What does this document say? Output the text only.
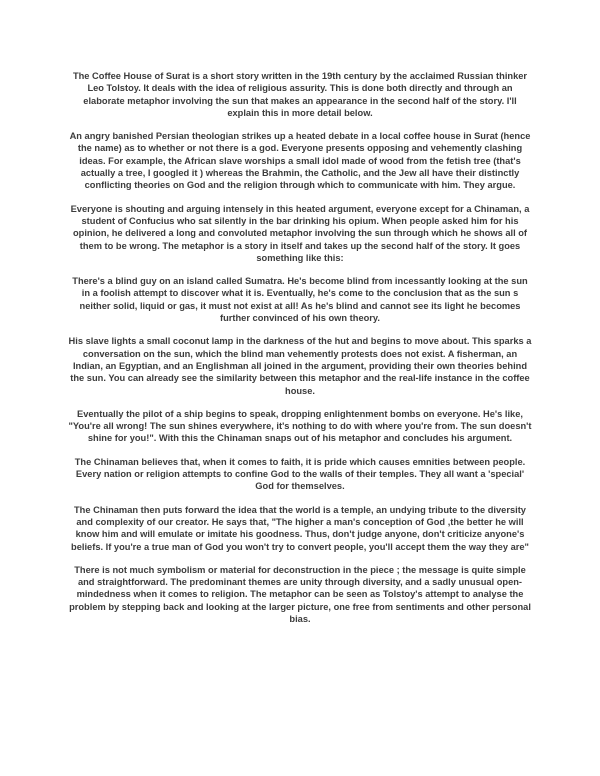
The Coffee House of Surat is a short story written in the 19th century by the acclaimed Russian thinker Leo Tolstoy. It deals with the idea of religious assurity. This is done both directly and through an elaborate metaphor involving the sun that makes an appearance in the second half of the story. I'll explain this in more detail below.

An angry banished Persian theologian strikes up a heated debate in a local coffee house in Surat (hence the name) as to whether or not there is a god. Everyone presents opposing and vehemently clashing ideas. For example, the African slave worships a small idol made of wood from the fetish tree (that's actually a tree, I googled it ) whereas the Brahmin, the Catholic, and the Jew all have their distinctly conflicting theories on God and the religion through which to communicate with him. They argue.

Everyone is shouting and arguing intensely in this heated argument, everyone except for a Chinaman, a student of Confucius who sat silently in the bar drinking his opium. When people asked him for his opinion, he delivered a long and convoluted metaphor involving the sun through which he shows all of them to be wrong. The metaphor is a story in itself and takes up the second half of the story. It goes something like this:

There's a blind guy on an island called Sumatra. He's become blind from incessantly looking at the sun in a foolish attempt to discover what it is. Eventually, he's come to the conclusion that as the sun s neither solid, liquid or gas, it must not exist at all! As he's blind and cannot see its light he becomes further convinced of his own theory.

His slave lights a small coconut lamp in the darkness of the hut and begins to move about. This sparks a conversation on the sun, which the blind man vehemently protests does not exist. A fisherman, an Indian, an Egyptian, and an Englishman all joined in the argument, providing their own theories behind the sun. You can already see the similarity between this metaphor and the real-life instance in the coffee house.

Eventually the pilot of a ship begins to speak, dropping enlightenment bombs on everyone. He's like, "You're all wrong! The sun shines everywhere, it's nothing to do with where you're from. The sun doesn't shine for you!". With this the Chinaman snaps out of his metaphor and concludes his argument.

The Chinaman believes that, when it comes to faith, it is pride which causes emnities between people. Every nation or religion attempts to confine God to the walls of their temples. They all want a 'special' God for themselves.

The Chinaman then puts forward the idea that the world is a temple, an undying tribute to the diversity and complexity of our creator. He says that, "The higher a man's conception of God ,the better he will know him and will emulate or imitate his goodness. Thus, don't judge anyone, don't criticize anyone's beliefs. If you're a true man of God you won't try to convert people, you'll accept them the way they are"

There is not much symbolism or material for deconstruction in the piece ; the message is quite simple and straightforward. The predominant themes are unity through diversity, and a sadly unusual open-mindedness when it comes to religion. The metaphor can be seen as Tolstoy's attempt to analyse the problem by stepping back and looking at the larger picture, one free from sentiments and other personal bias.
